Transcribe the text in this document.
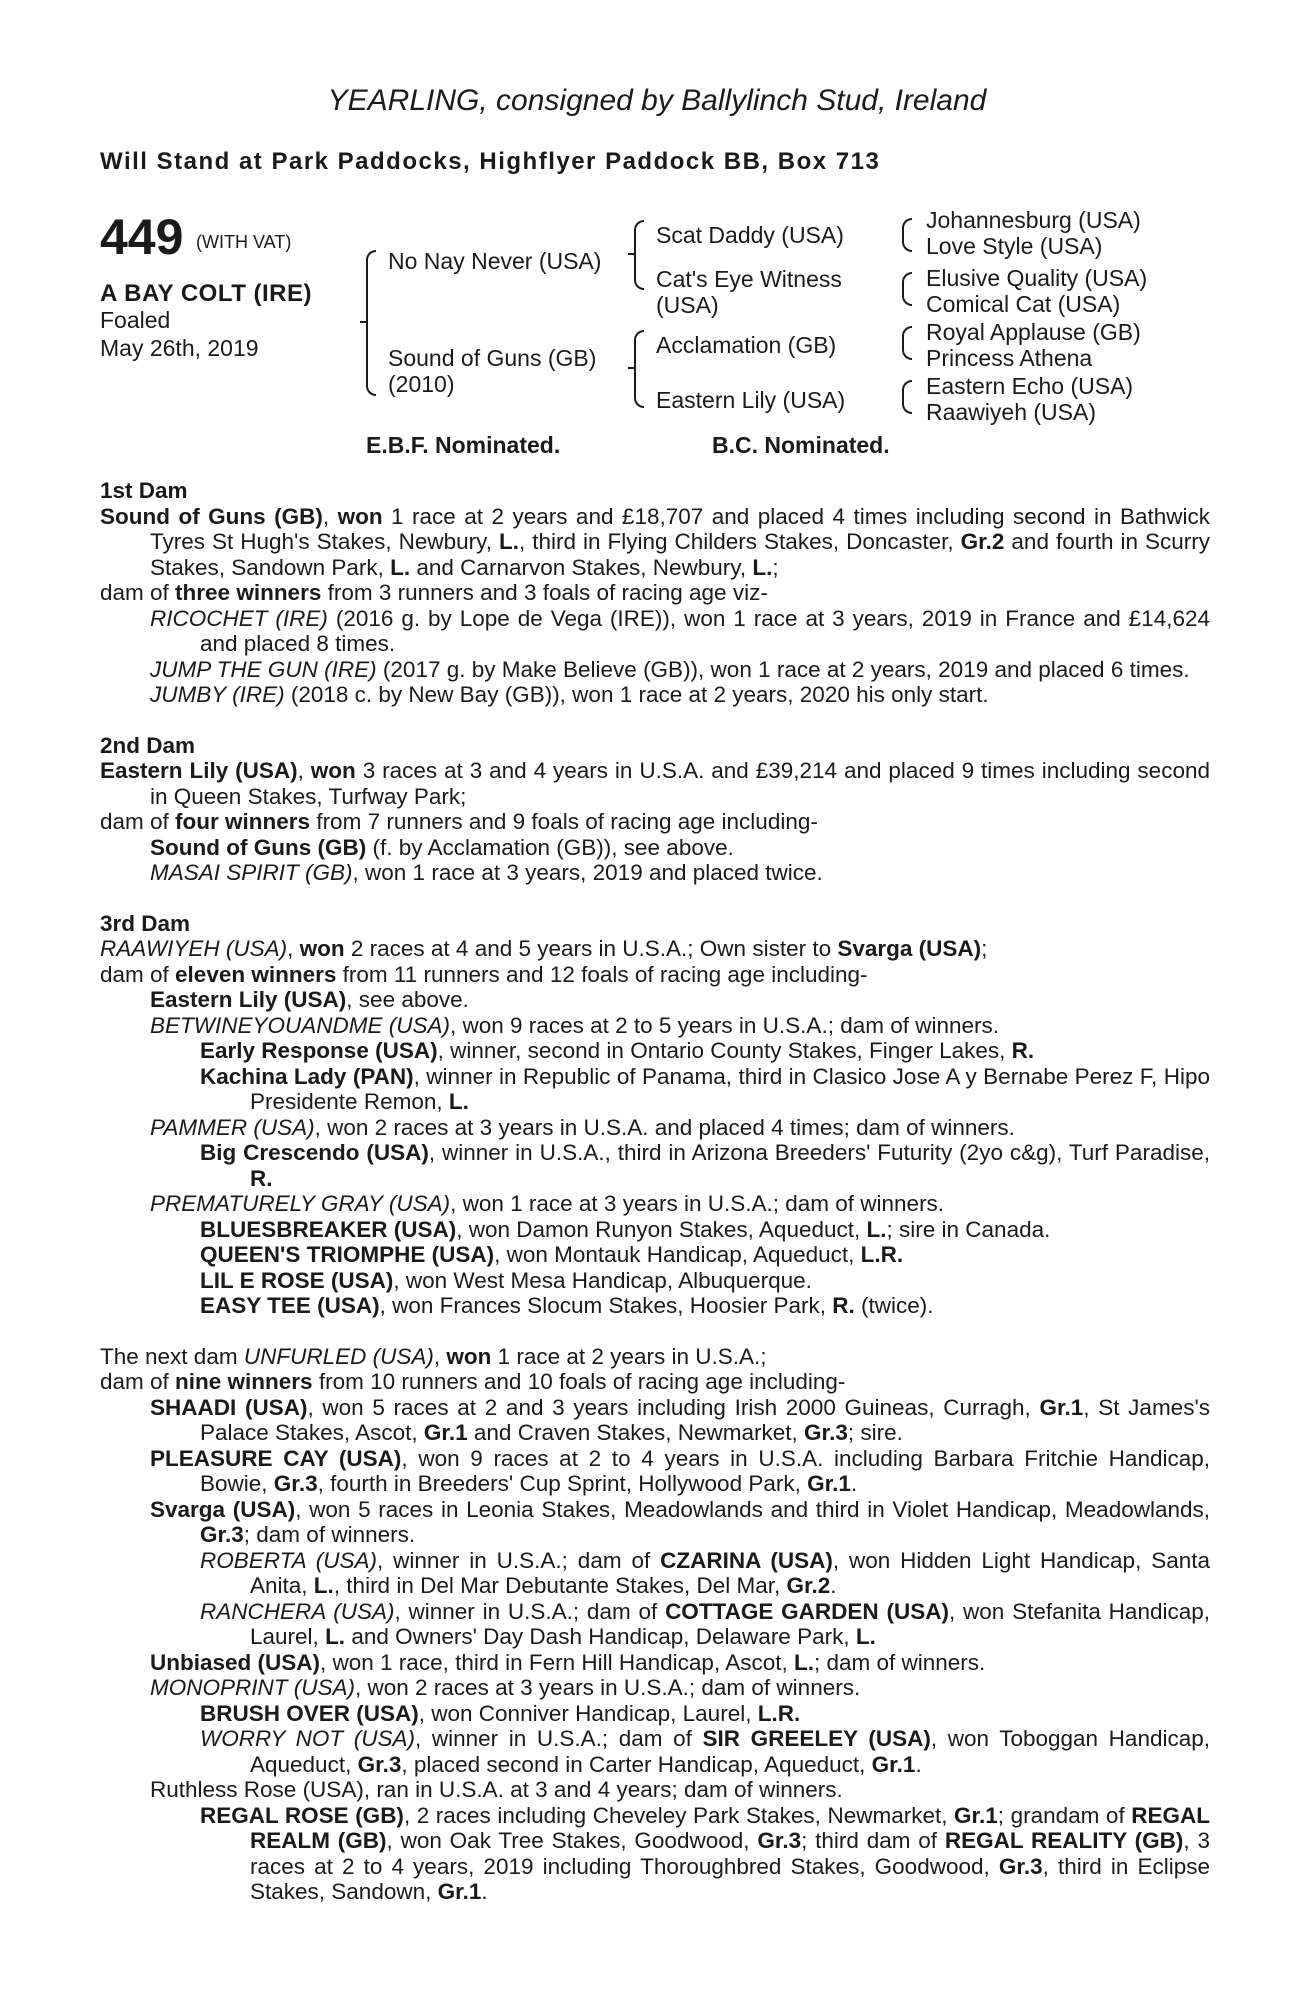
YEARLING, consigned by Ballylinch Stud, Ireland
Will Stand at Park Paddocks, Highflyer Paddock BB, Box 713
449 (WITH VAT)
A BAY COLT (IRE)
Foaled
May 26th, 2019
No Nay Never (USA)
Sound of Guns (GB)
(2010)
Scat Daddy (USA)
Cat's Eye Witness
(USA)
Acclamation (GB)
Eastern Lily (USA)
Johannesburg (USA)
Love Style (USA)
Elusive Quality (USA)
Comical Cat (USA)
Royal Applause (GB)
Princess Athena
Eastern Echo (USA)
Raawiyeh (USA)
E.B.F. Nominated.	B.C. Nominated.

1st Dam

Sound of Guns (GB), won 1 race at 2 years and £18,707 and placed 4 times including second in Bathwick Tyres St Hugh's Stakes, Newbury, L., third in Flying Childers Stakes, Doncaster, Gr.2 and fourth in Scurry Stakes, Sandown Park, L. and Carnarvon Stakes, Newbury, L.;

dam of three winners from 3 runners and 3 foals of racing age viz-

RICOCHET (IRE) (2016 g. by Lope de Vega (IRE)), won 1 race at 3 years, 2019 in France and £14,624 and placed 8 times.

JUMP THE GUN (IRE) (2017 g. by Make Believe (GB)), won 1 race at 2 years, 2019 and placed 6 times.

JUMBY (IRE) (2018 c. by New Bay (GB)), won 1 race at 2 years, 2020 his only start.

2nd Dam

Eastern Lily (USA), won 3 races at 3 and 4 years in U.S.A. and £39,214 and placed 9 times including second in Queen Stakes, Turfway Park;

dam of four winners from 7 runners and 9 foals of racing age including-

Sound of Guns (GB) (f. by Acclamation (GB)), see above.

MASAI SPIRIT (GB), won 1 race at 3 years, 2019 and placed twice.

3rd Dam

RAAWIYEH (USA), won 2 races at 4 and 5 years in U.S.A.; Own sister to Svarga (USA);

dam of eleven winners from 11 runners and 12 foals of racing age including-

Eastern Lily (USA), see above.

BETWINEYOUANDME (USA), won 9 races at 2 to 5 years in U.S.A.; dam of winners.

Early Response (USA), winner, second in Ontario County Stakes, Finger Lakes, R.

Kachina Lady (PAN), winner in Republic of Panama, third in Clasico Jose A y Bernabe Perez F, Hipo Presidente Remon, L.

PAMMER (USA), won 2 races at 3 years in U.S.A. and placed 4 times; dam of winners.

Big Crescendo (USA), winner in U.S.A., third in Arizona Breeders' Futurity (2yo c&g), Turf Paradise, R.

PREMATURELY GRAY (USA), won 1 race at 3 years in U.S.A.; dam of winners.

BLUESBREAKER (USA), won Damon Runyon Stakes, Aqueduct, L.; sire in Canada.

QUEEN'S TRIOMPHE (USA), won Montauk Handicap, Aqueduct, L.R.

LIL E ROSE (USA), won West Mesa Handicap, Albuquerque.

EASY TEE (USA), won Frances Slocum Stakes, Hoosier Park, R. (twice).

The next dam UNFURLED (USA), won 1 race at 2 years in U.S.A.;

dam of nine winners from 10 runners and 10 foals of racing age including-

SHAADI (USA), won 5 races at 2 and 3 years including Irish 2000 Guineas, Curragh, Gr.1, St James's Palace Stakes, Ascot, Gr.1 and Craven Stakes, Newmarket, Gr.3; sire.

PLEASURE CAY (USA), won 9 races at 2 to 4 years in U.S.A. including Barbara Fritchie Handicap, Bowie, Gr.3, fourth in Breeders' Cup Sprint, Hollywood Park, Gr.1.

Svarga (USA), won 5 races in Leonia Stakes, Meadowlands and third in Violet Handicap, Meadowlands, Gr.3; dam of winners.

ROBERTA (USA), winner in U.S.A.; dam of CZARINA (USA), won Hidden Light Handicap, Santa Anita, L., third in Del Mar Debutante Stakes, Del Mar, Gr.2.

RANCHERA (USA), winner in U.S.A.; dam of COTTAGE GARDEN (USA), won Stefanita Handicap, Laurel, L. and Owners' Day Dash Handicap, Delaware Park, L.

Unbiased (USA), won 1 race, third in Fern Hill Handicap, Ascot, L.; dam of winners.

MONOPRINT (USA), won 2 races at 3 years in U.S.A.; dam of winners.

BRUSH OVER (USA), won Conniver Handicap, Laurel, L.R.

WORRY NOT (USA), winner in U.S.A.; dam of SIR GREELEY (USA), won Toboggan Handicap, Aqueduct, Gr.3, placed second in Carter Handicap, Aqueduct, Gr.1.

Ruthless Rose (USA), ran in U.S.A. at 3 and 4 years; dam of winners.

REGAL ROSE (GB), 2 races including Cheveley Park Stakes, Newmarket, Gr.1; grandam of REGAL REALM (GB), won Oak Tree Stakes, Goodwood, Gr.3; third dam of REGAL REALITY (GB), 3 races at 2 to 4 years, 2019 including Thoroughbred Stakes, Goodwood, Gr.3, third in Eclipse Stakes, Sandown, Gr.1.
